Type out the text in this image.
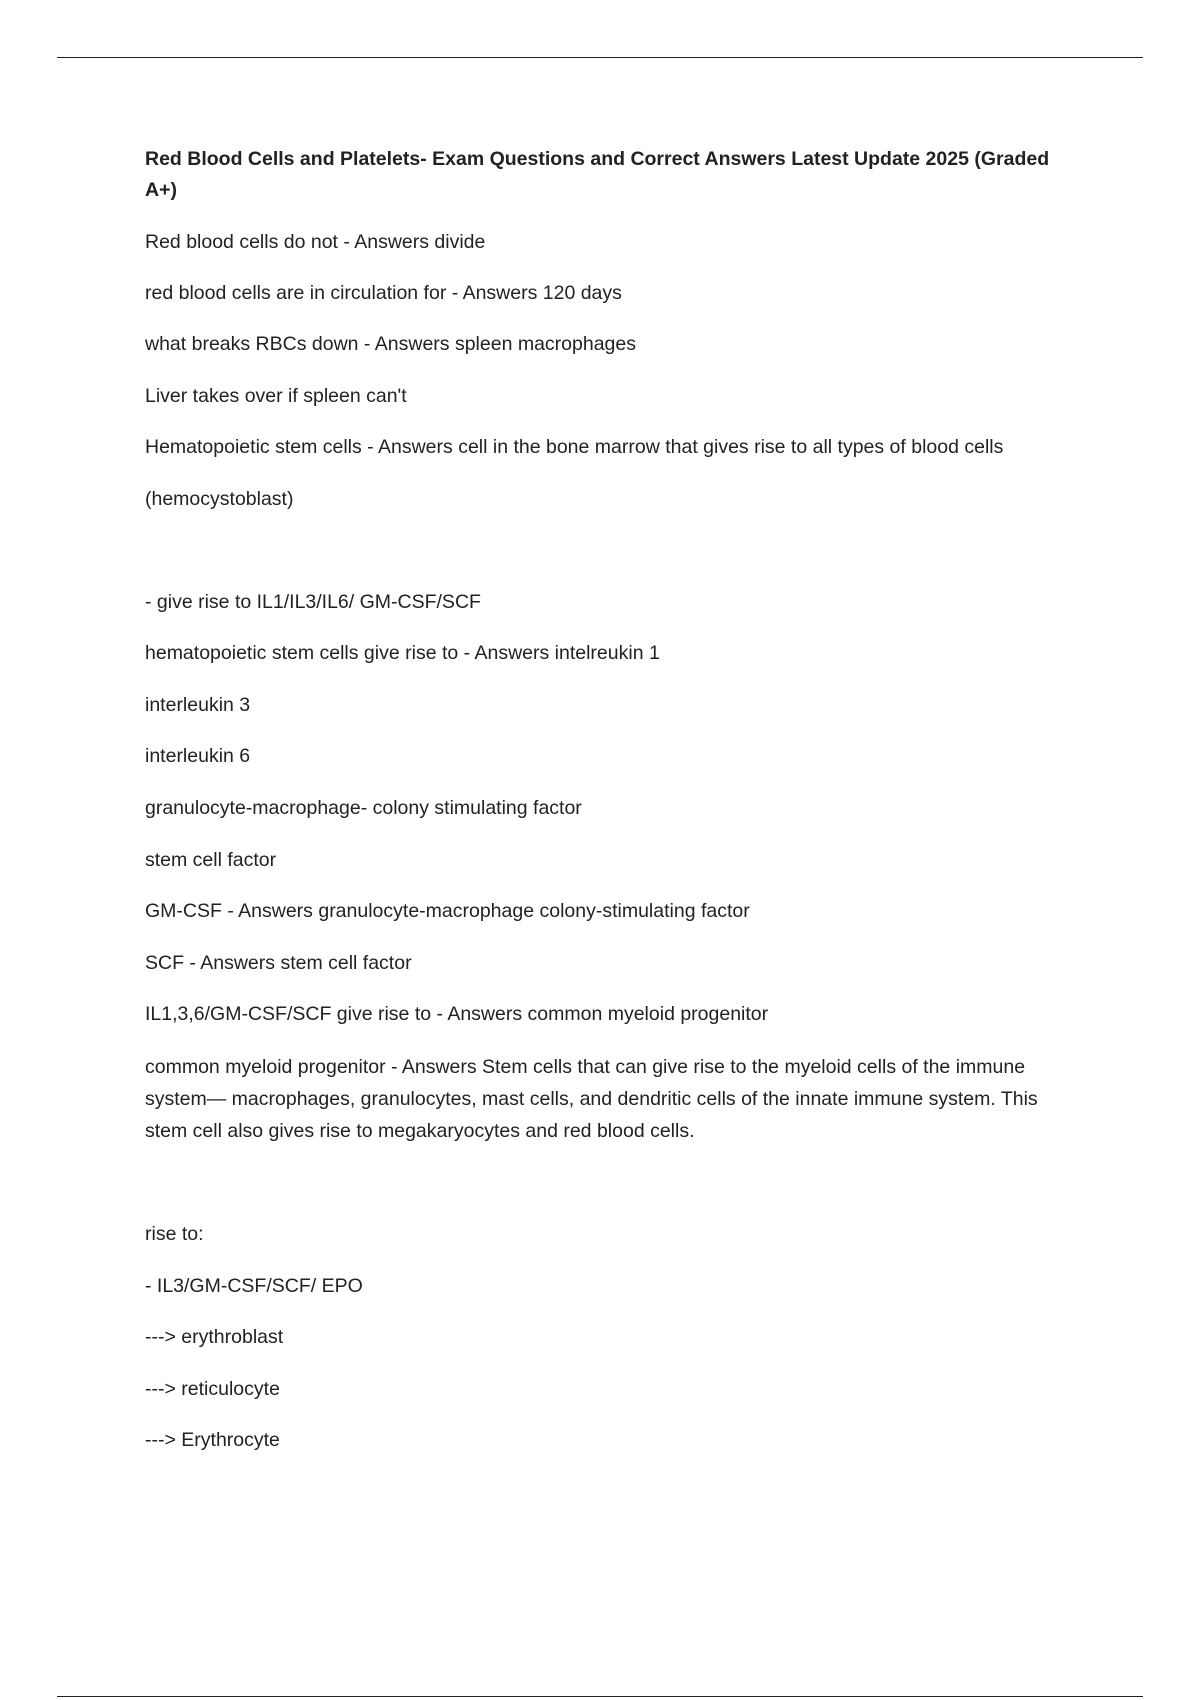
Red Blood Cells and Platelets- Exam Questions and Correct Answers Latest Update 2025 (Graded A+)

Red blood cells do not - Answers divide

red blood cells are in circulation for - Answers 120 days

what breaks RBCs down - Answers spleen macrophages

Liver takes over if spleen can't

Hematopoietic stem cells - Answers cell in the bone marrow that gives rise to all types of blood cells

(hemocystoblast)

- give rise to IL1/IL3/IL6/ GM-CSF/SCF

hematopoietic stem cells give rise to - Answers intelreukin 1

interleukin 3

interleukin 6

granulocyte-macrophage- colony stimulating factor

stem cell factor

GM-CSF - Answers granulocyte-macrophage colony-stimulating factor

SCF - Answers stem cell factor

IL1,3,6/GM-CSF/SCF give rise to - Answers common myeloid progenitor

common myeloid progenitor - Answers Stem cells that can give rise to the myeloid cells of the immune system— macrophages, granulocytes, mast cells, and dendritic cells of the innate immune system. This stem cell also gives rise to megakaryocytes and red blood cells.

rise to:

- IL3/GM-CSF/SCF/ EPO

---> erythroblast

---> reticulocyte

---> Erythrocyte
